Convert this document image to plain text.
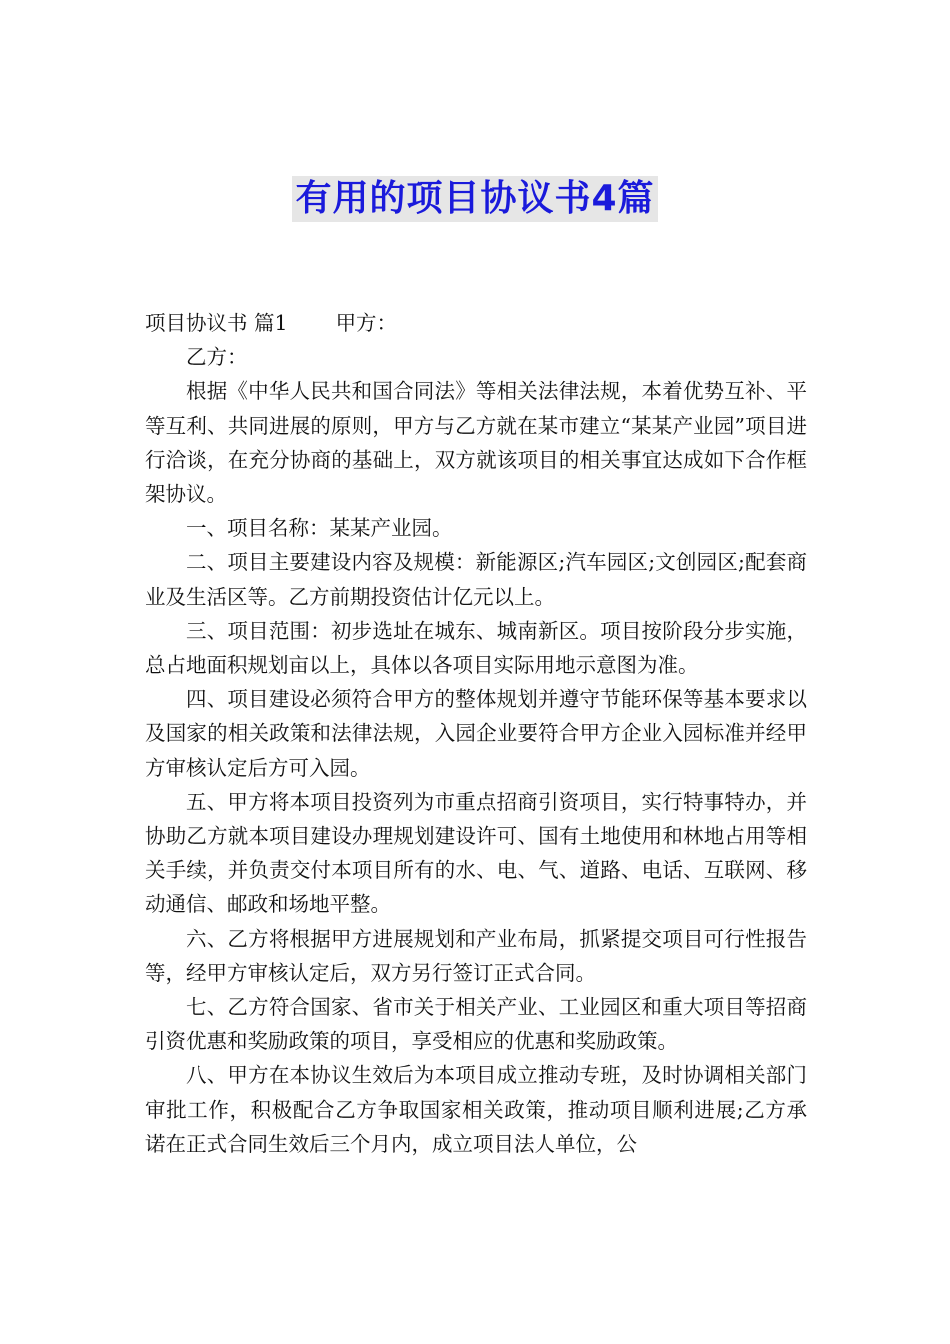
有用的项目协议书4篇

项目协议书 篇1 甲方：

乙方：

根据《中华人民共和国合同法》等相关法律法规，本着优势互补、平等互利、共同进展的原则，甲方与乙方就在某市建立“某某产业园”项目进行洽谈，在充分协商的基础上，双方就该项目的相关事宜达成如下合作框架协议。

一、项目名称：某某产业园。

二、项目主要建设内容及规模：新能源区;汽车园区;文创园区;配套商业及生活区等。乙方前期投资估计亿元以上。

三、项目范围：初步选址在城东、城南新区。项目按阶段分步实施，总占地面积规划亩以上，具体以各项目实际用地示意图为准。

四、项目建设必须符合甲方的整体规划并遵守节能环保等基本要求以及国家的相关政策和法律法规，入园企业要符合甲方企业入园标准并经甲方审核认定后方可入园。

五、甲方将本项目投资列为市重点招商引资项目，实行特事特办，并协助乙方就本项目建设办理规划建设许可、国有土地使用和林地占用等相关手续，并负责交付本项目所有的水、电、气、道路、电话、互联网、移动通信、邮政和场地平整。

六、乙方将根据甲方进展规划和产业布局，抓紧提交项目可行性报告等，经甲方审核认定后，双方另行签订正式合同。

七、乙方符合国家、省市关于相关产业、工业园区和重大项目等招商引资优惠和奖励政策的项目，享受相应的优惠和奖励政策。

八、甲方在本协议生效后为本项目成立推动专班，及时协调相关部门审批工作，积极配合乙方争取国家相关政策，推动项目顺利进展;乙方承诺在正式合同生效后三个月内，成立项目法人单位，公
